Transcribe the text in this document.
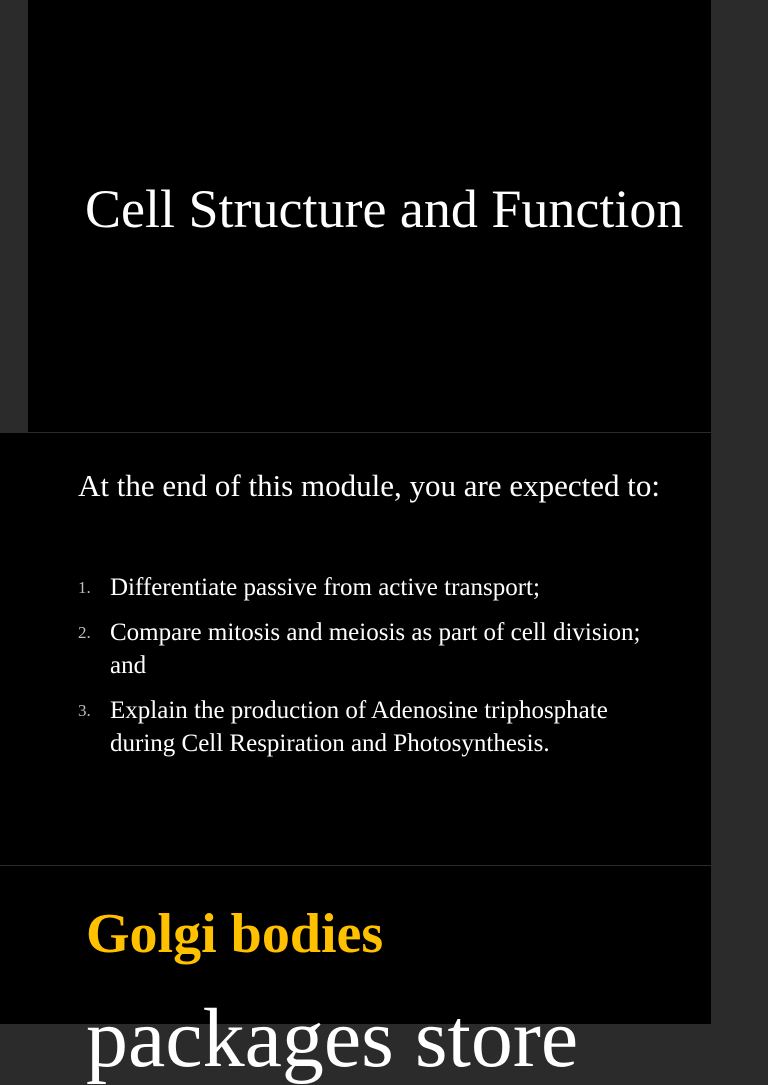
Cell Structure and Function

At the end of this module, you are expected to:

1. Differentiate passive from active transport;
2. Compare mitosis and meiosis as part of cell division; and
3. Explain the production of Adenosine triphosphate during Cell Respiration and Photosynthesis.
Golgi bodies

packages store
